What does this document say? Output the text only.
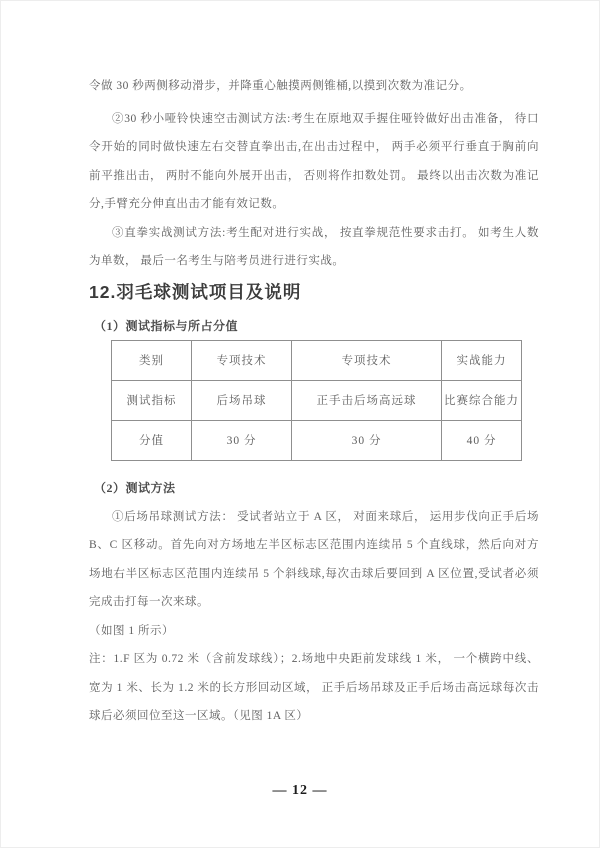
令做 30 秒两侧移动滑步，并降重心触摸两侧锥桶,以摸到次数为准记分。

②30 秒小哑铃快速空击测试方法:考生在原地双手握住哑铃做好出击准备， 待口令开始的同时做快速左右交替直拳出击,在出击过程中， 两手必须平行垂直于胸前向前平推出击， 两肘不能向外展开出击， 否则将作扣数处罚。 最终以出击次数为准记分,手臂充分伸直出击才能有效记数。

③直拳实战测试方法:考生配对进行实战， 按直拳规范性要求击打。 如考生人数为单数， 最后一名考生与陪考员进行进行实战。

12.羽毛球测试项目及说明
（1）测试指标与所占分值
类别	专项技术	专项技术	实战能力
测试指标	后场吊球	正手击后场高远球	比赛综合能力
分值	30 分	30 分	40 分
（2）测试方法
①后场吊球测试方法： 受试者站立于 A 区， 对面来球后， 运用步伐向正手后场 B、C 区移动。首先向对方场地左半区标志区范围内连续吊 5 个直线球，然后向对方场地右半区标志区范围内连续吊 5 个斜线球,每次击球后要回到 A 区位置,受试者必须完成击打每一次来球。
（如图 1 所示）

注：1.F 区为 0.72 米（含前发球线）；2.场地中央距前发球线 1 米， 一个横跨中线、宽为 1 米、长为 1.2 米的长方形回动区域， 正手后场吊球及正手后场击高远球每次击球后必须回位至这一区域。（见图 1A 区）

— 12 —
